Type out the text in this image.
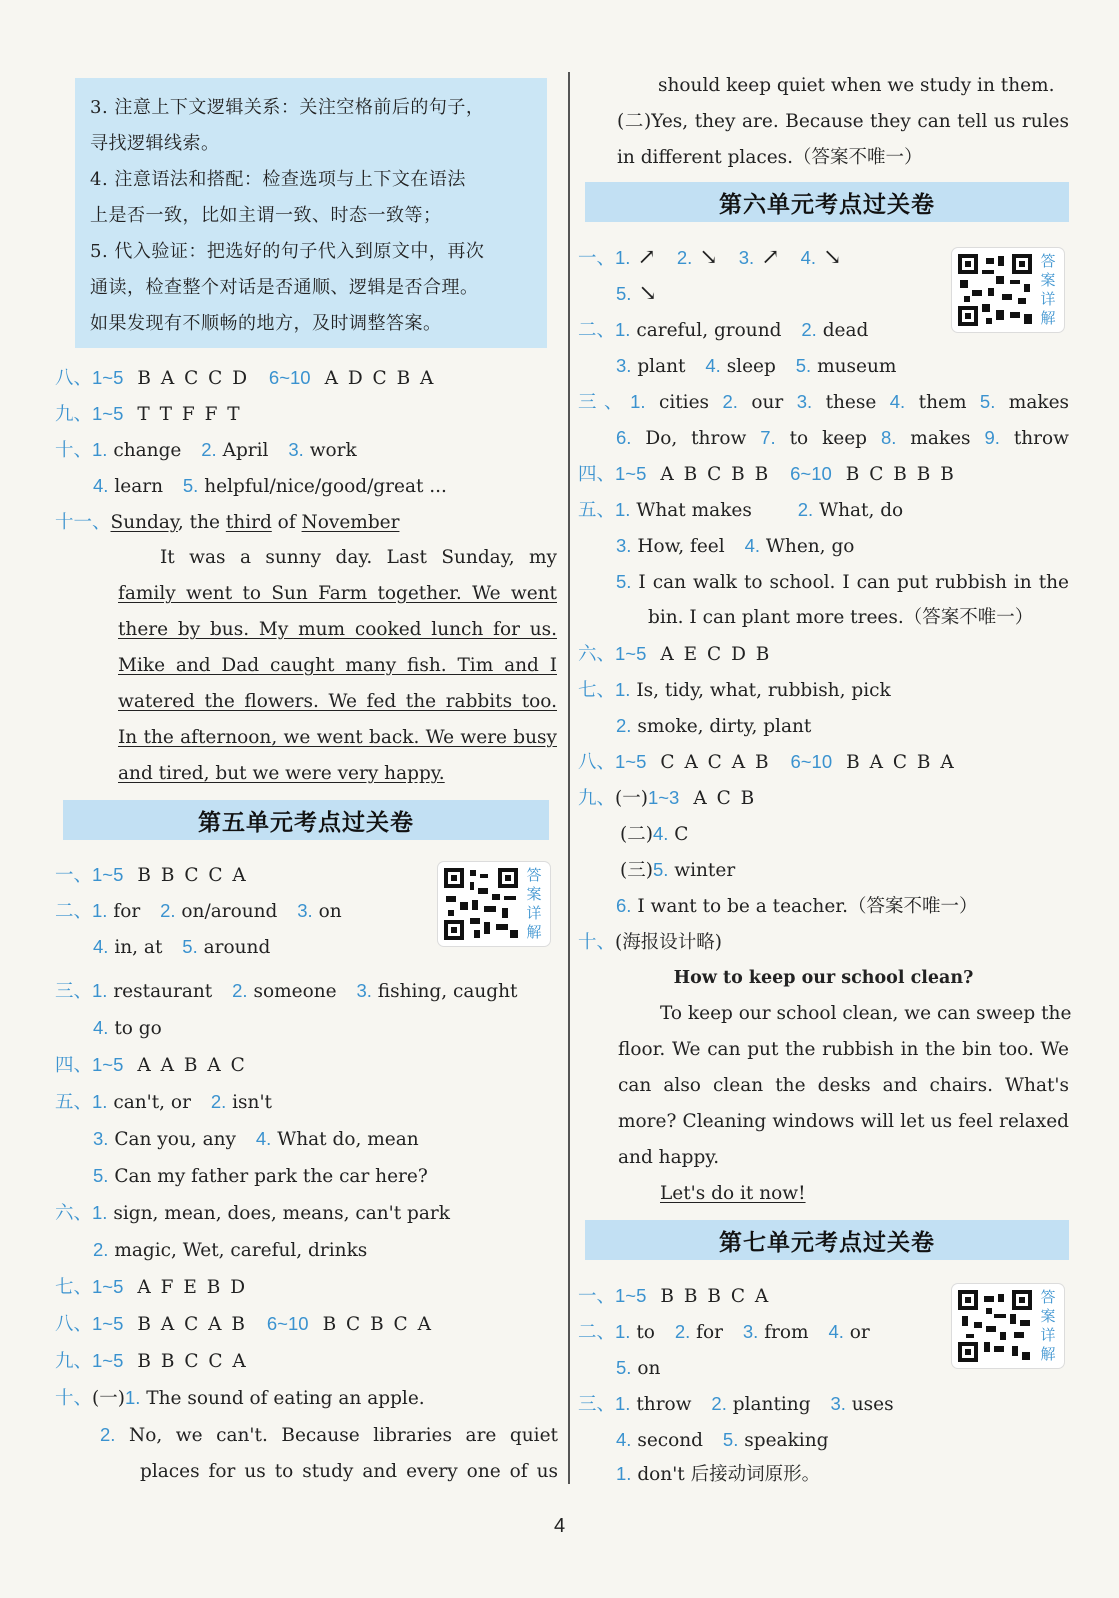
3. 注意上下文逻辑关系：关注空格前后的句子，
寻找逻辑线索。
4. 注意语法和搭配：检查选项与上下文在语法
上是否一致，比如主谓一致、时态一致等；
5. 代入验证：把选好的句子代入到原文中，再次
通读，检查整个对话是否通顺、逻辑是否合理。
如果发现有不顺畅的地方，及时调整答案。
八、1~5 B A C C D 6~10 A D C B A
九、1~5 T T F F T
十、1. change 2. April 3. work
4. learn 5. helpful/nice/good/great ...
十一、Sunday, the third of November
It was a sunny day. Last Sunday, my
family went to Sun Farm together. We went
there by bus. My mum cooked lunch for us.
Mike and Dad caught many fish. Tim and I
watered the flowers. We fed the rabbits too.
In the afternoon, we went back. We were busy
and tired, but we were very happy.
第五单元考点过关卷
答案详解
一、1~5 B B C C A
二、1. for 2. on/around 3. on
4. in, at 5. around
三、1. restaurant 2. someone 3. fishing, caught
4. to go
四、1~5 A A B A C
五、1. can't, or 2. isn't
3. Can you, any 4. What do, mean
5. Can my father park the car here?
六、1. sign, mean, does, means, can't park
2. magic, Wet, careful, drinks
七、1~5 A F E B D
八、1~5 B A C A B 6~10 B C B C A
九、1~5 B B C C A
十、(一)1. The sound of eating an apple.
2. No, we can't. Because libraries are quiet
places for us to study and every one of us
should keep quiet when we study in them.
(二)Yes, they are. Because they can tell us rules
in different places.（答案不唯一）
第六单元考点过关卷
答案详解
一、1. ↗ 2. ↘ 3. ↗ 4. ↘
5. ↘
二、1. careful, ground 2. dead
3. plant 4. sleep 5. museum
三、1. cities 2. our 3. these 4. them 5. makes
6. Do, throw 7. to keep 8. makes 9. throw
四、1~5 A B C B B 6~10 B C B B B
五、1. What makes 2. What, do
3. How, feel 4. When, go
5. I can walk to school. I can put rubbish in the
bin. I can plant more trees.（答案不唯一）
六、1~5 A E C D B
七、1. Is, tidy, what, rubbish, pick
2. smoke, dirty, plant
八、1~5 C A C A B 6~10 B A C B A
九、(一)1~3 A C B
(二)4. C
(三)5. winter
6. I want to be a teacher.（答案不唯一）
十、(海报设计略)
How to keep our school clean?
To keep our school clean, we can sweep the
floor. We can put the rubbish in the bin too. We
can also clean the desks and chairs. What's
more? Cleaning windows will let us feel relaxed
and happy.
Let's do it now!
第七单元考点过关卷
答案详解
一、1~5 B B B C A
二、1. to 2. for 3. from 4. or
5. on
三、1. throw 2. planting 3. uses
4. second 5. speaking
1. don't 后接动词原形。
4
